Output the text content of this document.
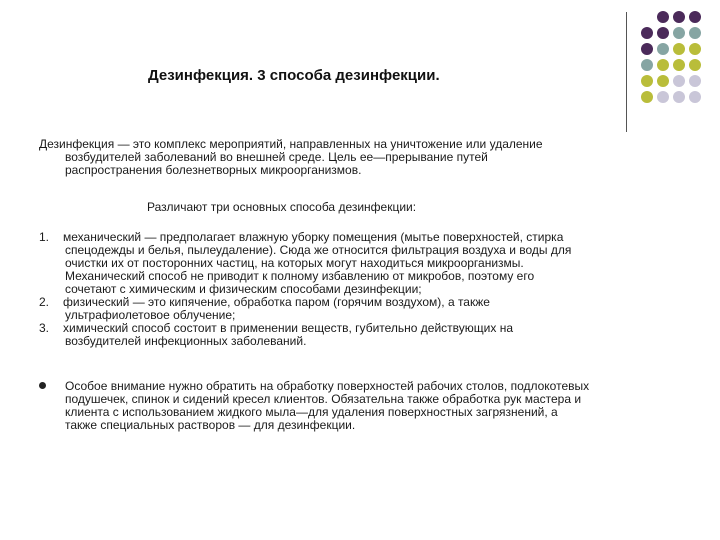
Дезинфекция. 3 способа дезинфекции.
Дезинфекция — это комплекс мероприятий, направленных на уничтожение или удаление
возбудителей заболеваний во внешней среде. Цель ее—прерывание путей
распространения болезнетворных микроорганизмов.
Различают три основных способа дезинфекции:
1.	механический — предполагает влажную уборку помещения (мытье поверхностей, стирка
спецодежды и белья, пылеудаление). Сюда же относится фильтрация воздуха и воды для
очистки их от посторонних частиц, на которых могут находиться микроорганизмы.
Механический способ не приводит к полному избавлению от микробов, поэтому его
сочетают с химическим и физическим способами дезинфекции;
2.	физический — это кипячение, обработка паром (горячим воздухом), а также
ультрафиолетовое облучение;
3.	химический способ состоит в применении веществ, губительно действующих на
возбудителей инфекционных заболеваний.
Особое внимание нужно обратить на обработку поверхностей рабочих столов, подлокотевых
подушечек, спинок и сидений кресел клиентов. Обязательна также обработка рук мастера и
клиента с использованием жидкого мыла—для удаления поверхностных загрязнений, а
также специальных растворов — для дезинфекции.
